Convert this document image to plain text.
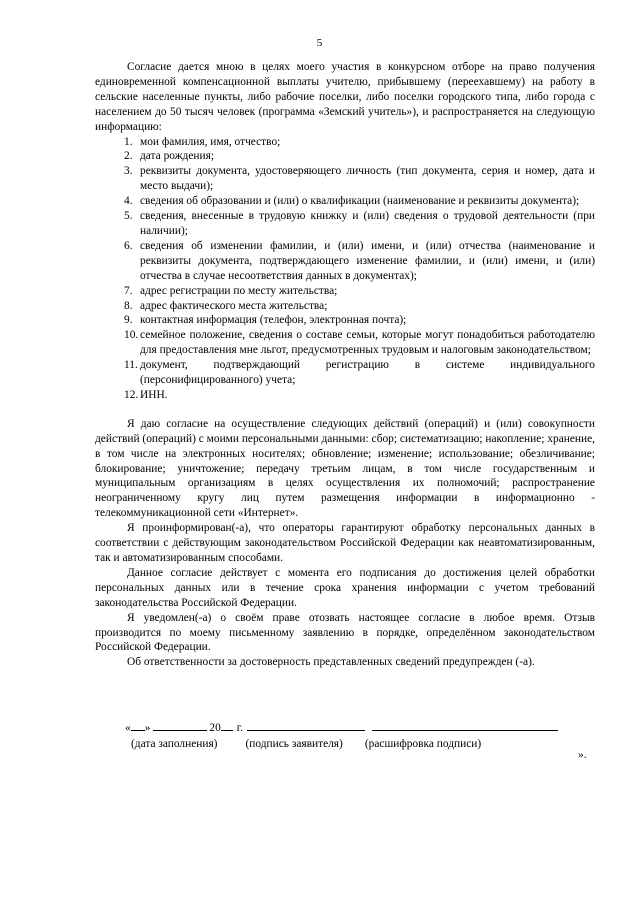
5

Согласие дается мною в целях моего участия в конкурсном отборе на право получения единовременной компенсационной выплаты учителю, прибывшему (переехавшему) на работу в сельские населенные пункты, либо рабочие поселки, либо поселки городского типа, либо города с населением до 50 тысяч человек (программа «Земский учитель»), и распространяется на следующую информацию:

1. мои фамилия, имя, отчество;
2. дата рождения;
3. реквизиты документа, удостоверяющего личность (тип документа, серия и номер, дата и место выдачи);
4. сведения об образовании и (или) о квалификации (наименование и реквизиты документа);
5. сведения, внесенные в трудовую книжку и (или) сведения о трудовой деятельности (при наличии);
6. сведения об изменении фамилии, и (или) имени, и (или) отчества (наименование и реквизиты документа, подтверждающего изменение фамилии, и (или) имени, и (или) отчества в случае несоответствия данных в документах);
7. адрес регистрации по месту жительства;
8. адрес фактического места жительства;
9. контактная информация (телефон, электронная почта);
10. семейное положение, сведения о составе семьи, которые могут понадобиться работодателю для предоставления мне льгот, предусмотренных трудовым и налоговым законодательством;
11. документ, подтверждающий регистрацию в системе индивидуального (персонифицированного) учета;
12. ИНН.

Я даю согласие на осуществление следующих действий (операций) и (или) совокупности действий (операций) с моими персональными данными: сбор; систематизацию; накопление; хранение, в том числе на электронных носителях; обновление; изменение; использование; обезличивание; блокирование; уничтожение; передачу третьим лицам, в том числе государственным и муниципальным организациям в целях осуществления их полномочий; распространение неограниченному кругу лиц путем размещения информации в информационно - телекоммуникационной сети «Интернет».

Я проинформирован(-а), что операторы гарантируют обработку персональных данных в соответствии с действующим законодательством Российской Федерации как неавтоматизированным, так и автоматизированным способами.

Данное согласие действует с момента его подписания до достижения целей обработки персональных данных или в течение срока хранения информации с учетом требований законодательства Российской Федерации.

Я уведомлен(-а) о своём праве отозвать настоящее согласие в любое время. Отзыв производится по моему письменному заявлению в порядке, определённом законодательством Российской Федерации.

Об ответственности за достоверность представленных сведений предупрежден (-а).

« »	20 г.
(дата заполнения) (подпись заявителя) (расшифровка подписи)
».
